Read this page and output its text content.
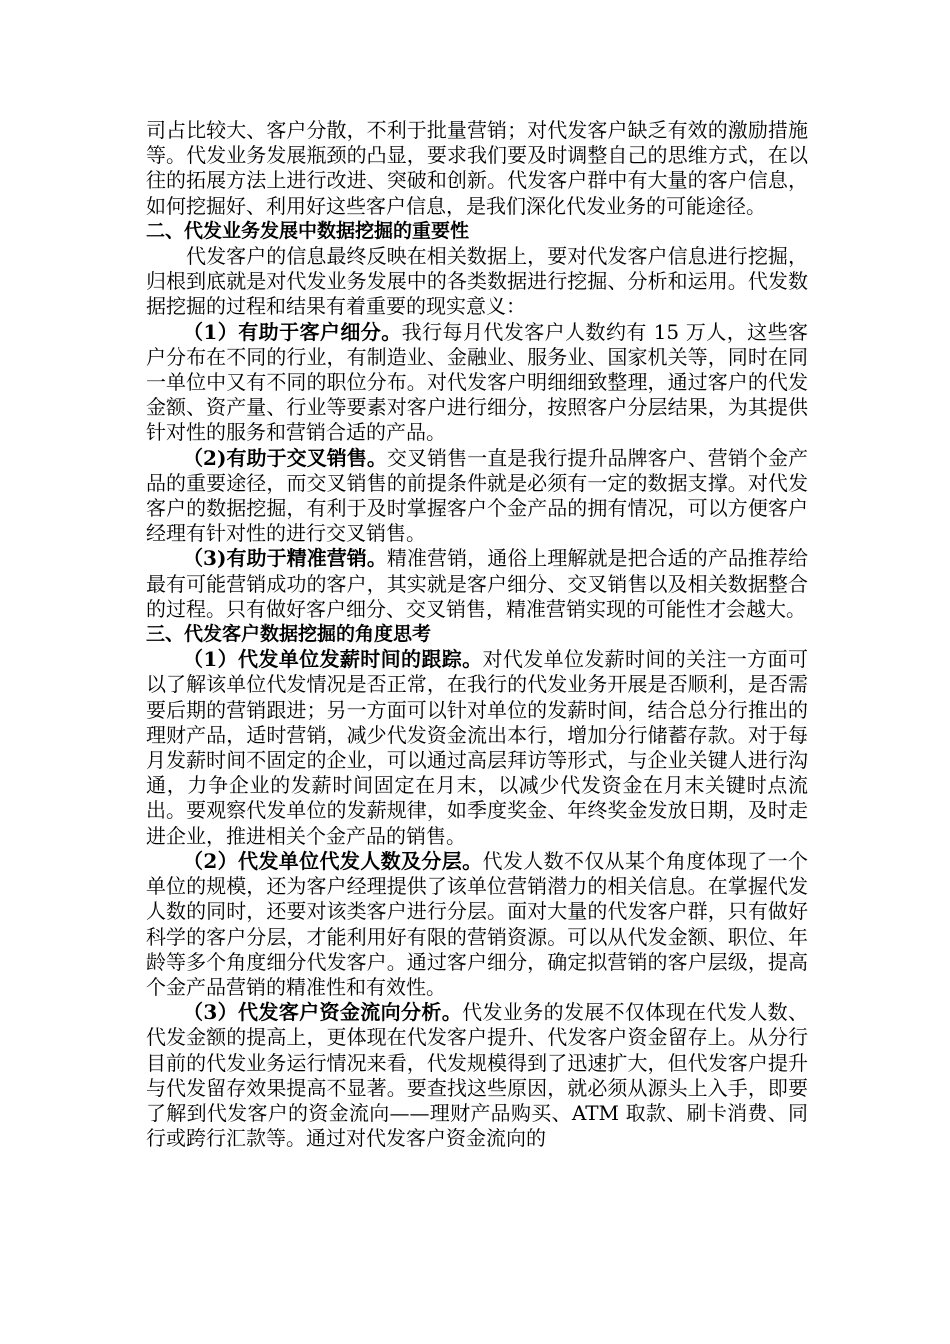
司占比较大、客户分散，不利于批量营销；对代发客户缺乏有效的激励措施等。代发业务发展瓶颈的凸显，要求我们要及时调整自己的思维方式，在以往的拓展方法上进行改进、突破和创新。代发客户群中有大量的客户信息，如何挖掘好、利用好这些客户信息，是我们深化代发业务的可能途径。

二、代发业务发展中数据挖掘的重要性

代发客户的信息最终反映在相关数据上，要对代发客户信息进行挖掘，归根到底就是对代发业务发展中的各类数据进行挖掘、分析和运用。代发数据挖掘的过程和结果有着重要的现实意义：

（1）有助于客户细分。我行每月代发客户人数约有 15 万人，这些客户分布在不同的行业，有制造业、金融业、服务业、国家机关等，同时在同一单位中又有不同的职位分布。对代发客户明细细致整理，通过客户的代发金额、资产量、行业等要素对客户进行细分，按照客户分层结果，为其提供针对性的服务和营销合适的产品。

（2)有助于交叉销售。交叉销售一直是我行提升品牌客户、营销个金产品的重要途径，而交叉销售的前提条件就是必须有一定的数据支撑。对代发客户的数据挖掘，有利于及时掌握客户个金产品的拥有情况，可以方便客户经理有针对性的进行交叉销售。

（3)有助于精准营销。精准营销，通俗上理解就是把合适的产品推荐给最有可能营销成功的客户，其实就是客户细分、交叉销售以及相关数据整合的过程。只有做好客户细分、交叉销售，精准营销实现的可能性才会越大。

三、代发客户数据挖掘的角度思考

（1）代发单位发薪时间的跟踪。对代发单位发薪时间的关注一方面可以了解该单位代发情况是否正常，在我行的代发业务开展是否顺利，是否需要后期的营销跟进；另一方面可以针对单位的发薪时间，结合总分行推出的理财产品，适时营销，减少代发资金流出本行，增加分行储蓄存款。对于每月发薪时间不固定的企业，可以通过高层拜访等形式，与企业关键人进行沟通，力争企业的发薪时间固定在月末，以减少代发资金在月末关键时点流出。要观察代发单位的发薪规律，如季度奖金、年终奖金发放日期，及时走进企业，推进相关个金产品的销售。

（2）代发单位代发人数及分层。代发人数不仅从某个角度体现了一个单位的规模，还为客户经理提供了该单位营销潜力的相关信息。在掌握代发人数的同时，还要对该类客户进行分层。面对大量的代发客户群，只有做好科学的客户分层，才能利用好有限的营销资源。可以从代发金额、职位、年龄等多个角度细分代发客户。通过客户细分，确定拟营销的客户层级，提高个金产品营销的精准性和有效性。

（3）代发客户资金流向分析。代发业务的发展不仅体现在代发人数、代发金额的提高上，更体现在代发客户提升、代发客户资金留存上。从分行目前的代发业务运行情况来看，代发规模得到了迅速扩大，但代发客户提升与代发留存效果提高不显著。要查找这些原因，就必须从源头上入手，即要了解到代发客户的资金流向——理财产品购买、ATM 取款、刷卡消费、同行或跨行汇款等。通过对代发客户资金流向的
